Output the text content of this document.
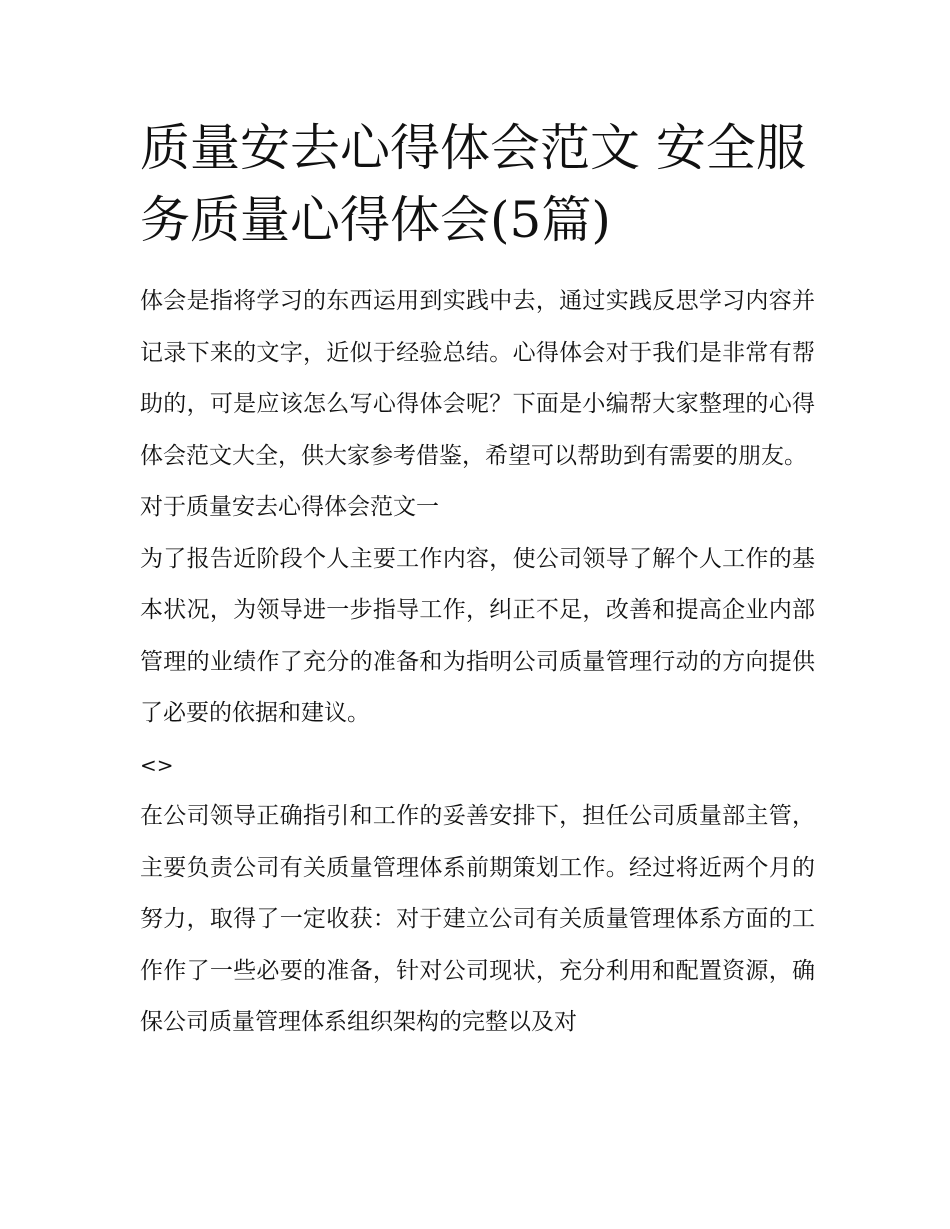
质量安去心得体会范文 安全服务质量心得体会(5篇)

体会是指将学习的东西运用到实践中去，通过实践反思学习内容并记录下来的文字，近似于经验总结。心得体会对于我们是非常有帮助的，可是应该怎么写心得体会呢？下面是小编帮大家整理的心得体会范文大全，供大家参考借鉴，希望可以帮助到有需要的朋友。

对于质量安去心得体会范文一

为了报告近阶段个人主要工作内容，使公司领导了解个人工作的基本状况，为领导进一步指导工作，纠正不足，改善和提高企业内部管理的业绩作了充分的准备和为指明公司质量管理行动的方向提供了必要的依据和建议。

<>

在公司领导正确指引和工作的妥善安排下，担任公司质量部主管，主要负责公司有关质量管理体系前期策划工作。经过将近两个月的努力，取得了一定收获：对于建立公司有关质量管理体系方面的工作作了一些必要的准备，针对公司现状，充分利用和配置资源，确保公司质量管理体系组织架构的完整以及对
